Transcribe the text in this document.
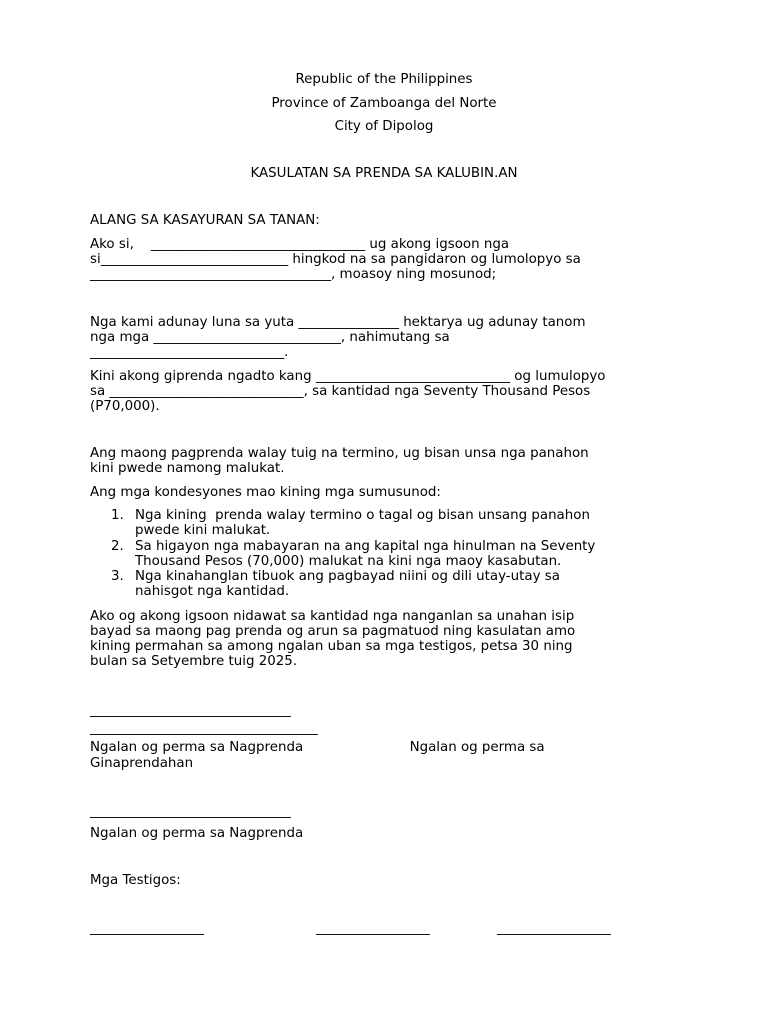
Republic of the Philippines

Province of Zamboanga del Norte

City of Dipolog

KASULATAN SA PRENDA SA KALUBIN.AN

ALANG SA KASAYURAN SA TANAN:

Ako si,    ________________________________ ug akong igsoon nga

si____________________________ hingkod na sa pangidaron og lumolopyo sa

____________________________________, moasoy ning mosunod;

Nga kami adunay luna sa yuta _______________ hektarya ug adunay tanom

nga mga ____________________________, nahimutang sa

_____________________________.

Kini akong giprenda ngadto kang _____________________________ og lumulopyo

sa _____________________________, sa kantidad nga Seventy Thousand Pesos

(P70,000).

Ang maong pagprenda walay tuig na termino, ug bisan unsa nga panahon

kini pwede namong malukat.

Ang mga kondesyones mao kining mga sumusunod:

1. Nga kining  prenda walay termino o tagal og bisan unsang panahon

pwede kini malukat.

2. Sa higayon nga mabayaran na ang kapital nga hinulman na Seventy

Thousand Pesos (70,000) malukat na kini nga maoy kasabutan.

3. Nga kinahanglan tibuok ang pagbayad niini og dili utay-utay sa

nahisgot nga kantidad.

Ako og akong igsoon nidawat sa kantidad nga nanganlan sa unahan isip

bayad sa maong pag prenda og arun sa pagmatuod ning kasulatan amo

kining permahan sa among ngalan uban sa mga testigos, petsa 30 ning

bulan sa Setyembre tuig 2025.

______________________________

__________________________________

Ngalan og perma sa Nagprenda                         Ngalan og perma sa

Ginaprendahan

______________________________

Ngalan og perma sa Nagprenda

Mga Testigos:

_________________	_________________	_________________
